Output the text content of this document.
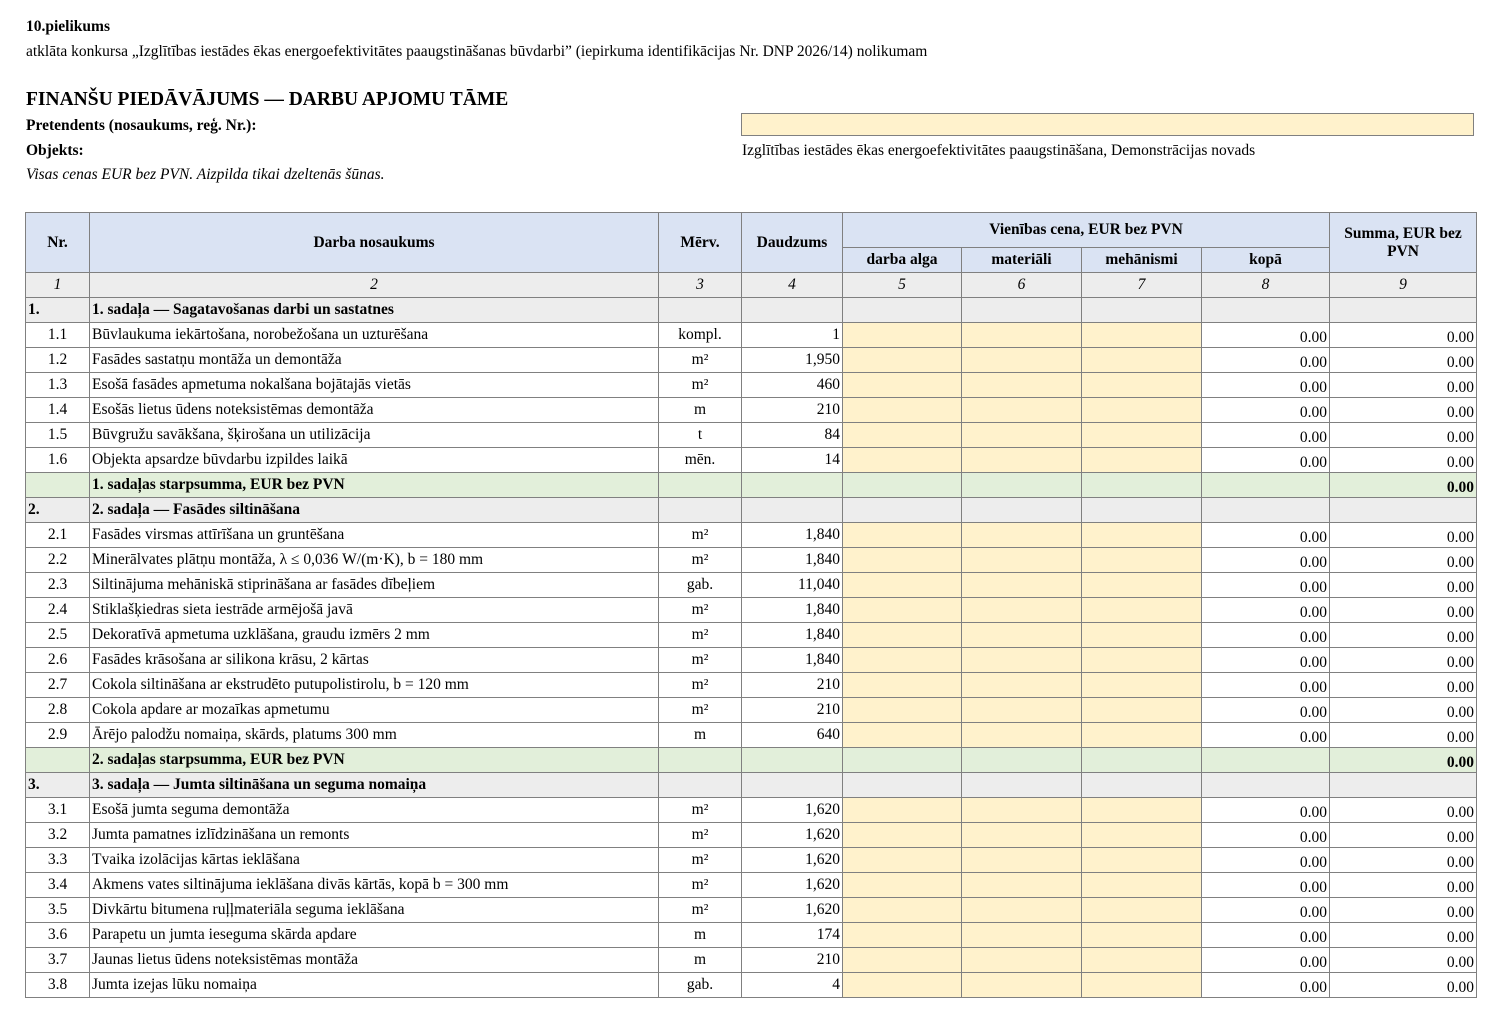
10.pielikums
atklāta konkursa „Izglītības iestādes ēkas energoefektivitātes paaugstināšanas būvdarbi” (iepirkuma identifikācijas Nr. DNP 2026/14) nolikumam
FINANŠU PIEDĀVĀJUMS — DARBU APJOMU TĀME
Pretendents (nosaukums, reģ. Nr.):
Objekts:	Izglītības iestādes ēkas energoefektivitātes paaugstināšana, Demonstrācijas novads
Visas cenas EUR bez PVN. Aizpilda tikai dzeltenās šūnas.
Nr.	Darba nosaukums	Mērv.	Daudzums	Vienības cena, EUR bez PVN				Summa, EUR bez PVN
				darba alga	materiāli	mehānismi	kopā	
1	2	3	4	5	6	7	8	9
1.	1. sadaļa — Sagatavošanas darbi un sastatnes							
1.1	Būvlaukuma iekārtošana, norobežošana un uzturēšana	kompl.	1				0.00	0.00
1.2	Fasādes sastatņu montāža un demontāža	m²	1,950				0.00	0.00
1.3	Esošā fasādes apmetuma nokalšana bojātajās vietās	m²	460				0.00	0.00
1.4	Esošās lietus ūdens noteksistēmas demontāža	m	210				0.00	0.00
1.5	Būvgružu savākšana, šķirošana un utilizācija	t	84				0.00	0.00
1.6	Objekta apsardze būvdarbu izpildes laikā	mēn.	14				0.00	0.00
	1. sadaļas starpsumma, EUR bez PVN							0.00
2.	2. sadaļa — Fasādes siltināšana							
2.1	Fasādes virsmas attīrīšana un gruntēšana	m²	1,840				0.00	0.00
2.2	Minerālvates plātņu montāža, λ ≤ 0,036 W/(m·K), b = 180 mm	m²	1,840				0.00	0.00
2.3	Siltinājuma mehāniskā stiprināšana ar fasādes dībeļiem	gab.	11,040				0.00	0.00
2.4	Stiklašķiedras sieta iestrāde armējošā javā	m²	1,840				0.00	0.00
2.5	Dekoratīvā apmetuma uzklāšana, graudu izmērs 2 mm	m²	1,840				0.00	0.00
2.6	Fasādes krāsošana ar silikona krāsu, 2 kārtas	m²	1,840				0.00	0.00
2.7	Cokola siltināšana ar ekstrudēto putupolistirolu, b = 120 mm	m²	210				0.00	0.00
2.8	Cokola apdare ar mozaīkas apmetumu	m²	210				0.00	0.00
2.9	Ārējo palodžu nomaiņa, skārds, platums 300 mm	m	640				0.00	0.00
	2. sadaļas starpsumma, EUR bez PVN							0.00
3.	3. sadaļa — Jumta siltināšana un seguma nomaiņa							
3.1	Esošā jumta seguma demontāža	m²	1,620				0.00	0.00
3.2	Jumta pamatnes izlīdzināšana un remonts	m²	1,620				0.00	0.00
3.3	Tvaika izolācijas kārtas ieklāšana	m²	1,620				0.00	0.00
3.4	Akmens vates siltinājuma ieklāšana divās kārtās, kopā b = 300 mm	m²	1,620				0.00	0.00
3.5	Divkārtu bitumena ruļļmateriāla seguma ieklāšana	m²	1,620				0.00	0.00
3.6	Parapetu un jumta ieseguma skārda apdare	m	174				0.00	0.00
3.7	Jaunas lietus ūdens noteksistēmas montāža	m	210				0.00	0.00
3.8	Jumta izejas lūku nomaiņa	gab.	4				0.00	0.00
